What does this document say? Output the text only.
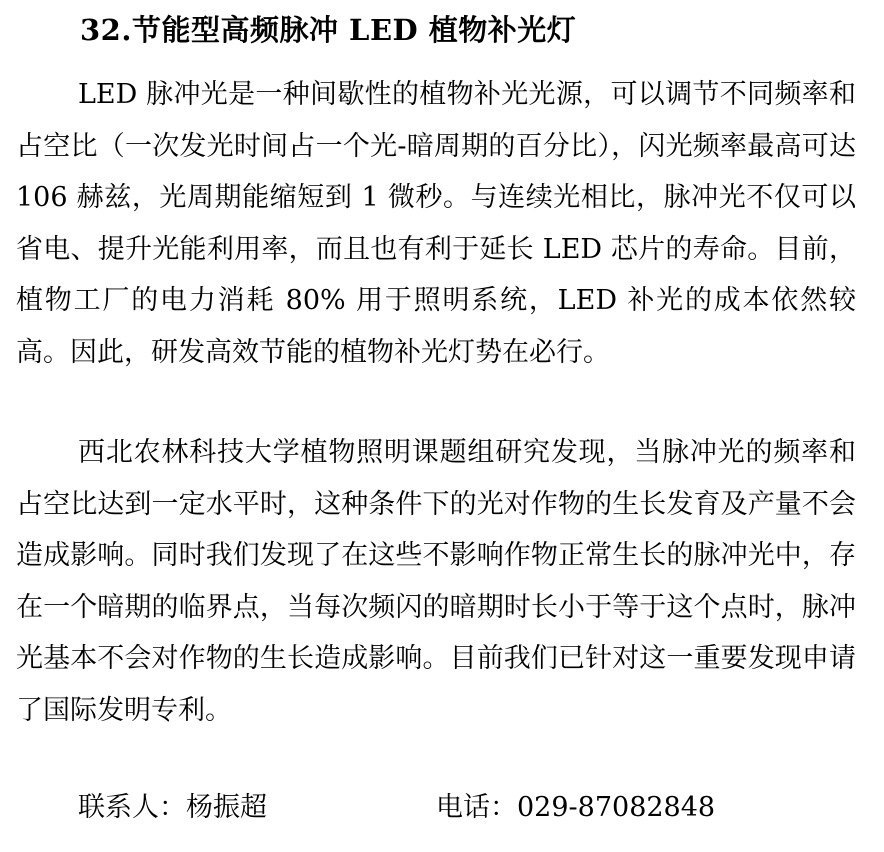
32.节能型高频脉冲 LED 植物补光灯

LED 脉冲光是一种间歇性的植物补光光源，可以调节不同频率和占空比（一次发光时间占一个光-暗周期的百分比），闪光频率最高可达 106 赫兹，光周期能缩短到 1 微秒。与连续光相比，脉冲光不仅可以省电、提升光能利用率，而且也有利于延长 LED 芯片的寿命。目前，植物工厂的电力消耗 80% 用于照明系统，LED 补光的成本依然较高。因此，研发高效节能的植物补光灯势在必行。

西北农林科技大学植物照明课题组研究发现，当脉冲光的频率和占空比达到一定水平时，这种条件下的光对作物的生长发育及产量不会造成影响。同时我们发现了在这些不影响作物正常生长的脉冲光中，存在一个暗期的临界点，当每次频闪的暗期时长小于等于这个点时，脉冲光基本不会对作物的生长造成影响。目前我们已针对这一重要发现申请了国际发明专利。

联系人：杨振超	电话：029-87082848
